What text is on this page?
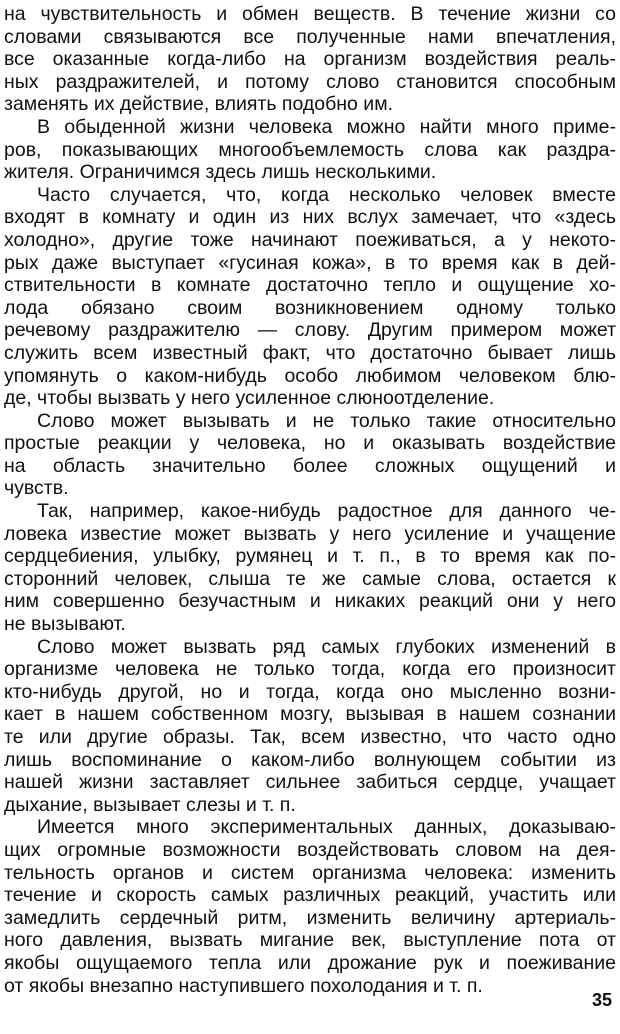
на чувствительность и обмен веществ. В течение жизни со
словами связываются все полученные нами впечатления,
все оказанные когда-либо на организм воздействия реаль-
ных раздражителей, и потому слово становится способным
заменять их действие, влиять подобно им.
В обыденной жизни человека можно найти много приме-
ров, показывающих многообъемлемость слова как раздра-
жителя. Ограничимся здесь лишь несколькими.
Часто случается, что, когда несколько человек вместе
входят в комнату и один из них вслух замечает, что «здесь
холодно», другие тоже начинают поеживаться, а у некото-
рых даже выступает «гусиная кожа», в то время как в дей-
ствительности в комнате достаточно тепло и ощущение хо-
лода обязано своим возникновением одному только
речевому раздражителю — слову. Другим примером может
служить всем известный факт, что достаточно бывает лишь
упомянуть о каком-нибудь особо любимом человеком блю-
де, чтобы вызвать у него усиленное слюноотделение.
Слово может вызывать и не только такие относительно
простые реакции у человека, но и оказывать воздействие
на область значительно более сложных ощущений и
чувств.
Так, например, какое-нибудь радостное для данного че-
ловека известие может вызвать у него усиление и учащение
сердцебиения, улыбку, румянец и т. п., в то время как по-
сторонний человек, слыша те же самые слова, остается к
ним совершенно безучастным и никаких реакций они у него
не вызывают.
Слово может вызвать ряд самых глубоких изменений в
организме человека не только тогда, когда его произносит
кто-нибудь другой, но и тогда, когда оно мысленно возни-
кает в нашем собственном мозгу, вызывая в нашем сознании
те или другие образы. Так, всем известно, что часто одно
лишь воспоминание о каком-либо волнующем событии из
нашей жизни заставляет сильнее забиться сердце, учащает
дыхание, вызывает слезы и т. п.
Имеется много экспериментальных данных, доказываю-
щих огромные возможности воздействовать словом на дея-
тельность органов и систем организма человека: изменить
течение и скорость самых различных реакций, участить или
замедлить сердечный ритм, изменить величину артериаль-
ного давления, вызвать мигание век, выступление пота от
якобы ощущаемого тепла или дрожание рук и поеживание
от якобы внезапно наступившего похолодания и т. п.
35
